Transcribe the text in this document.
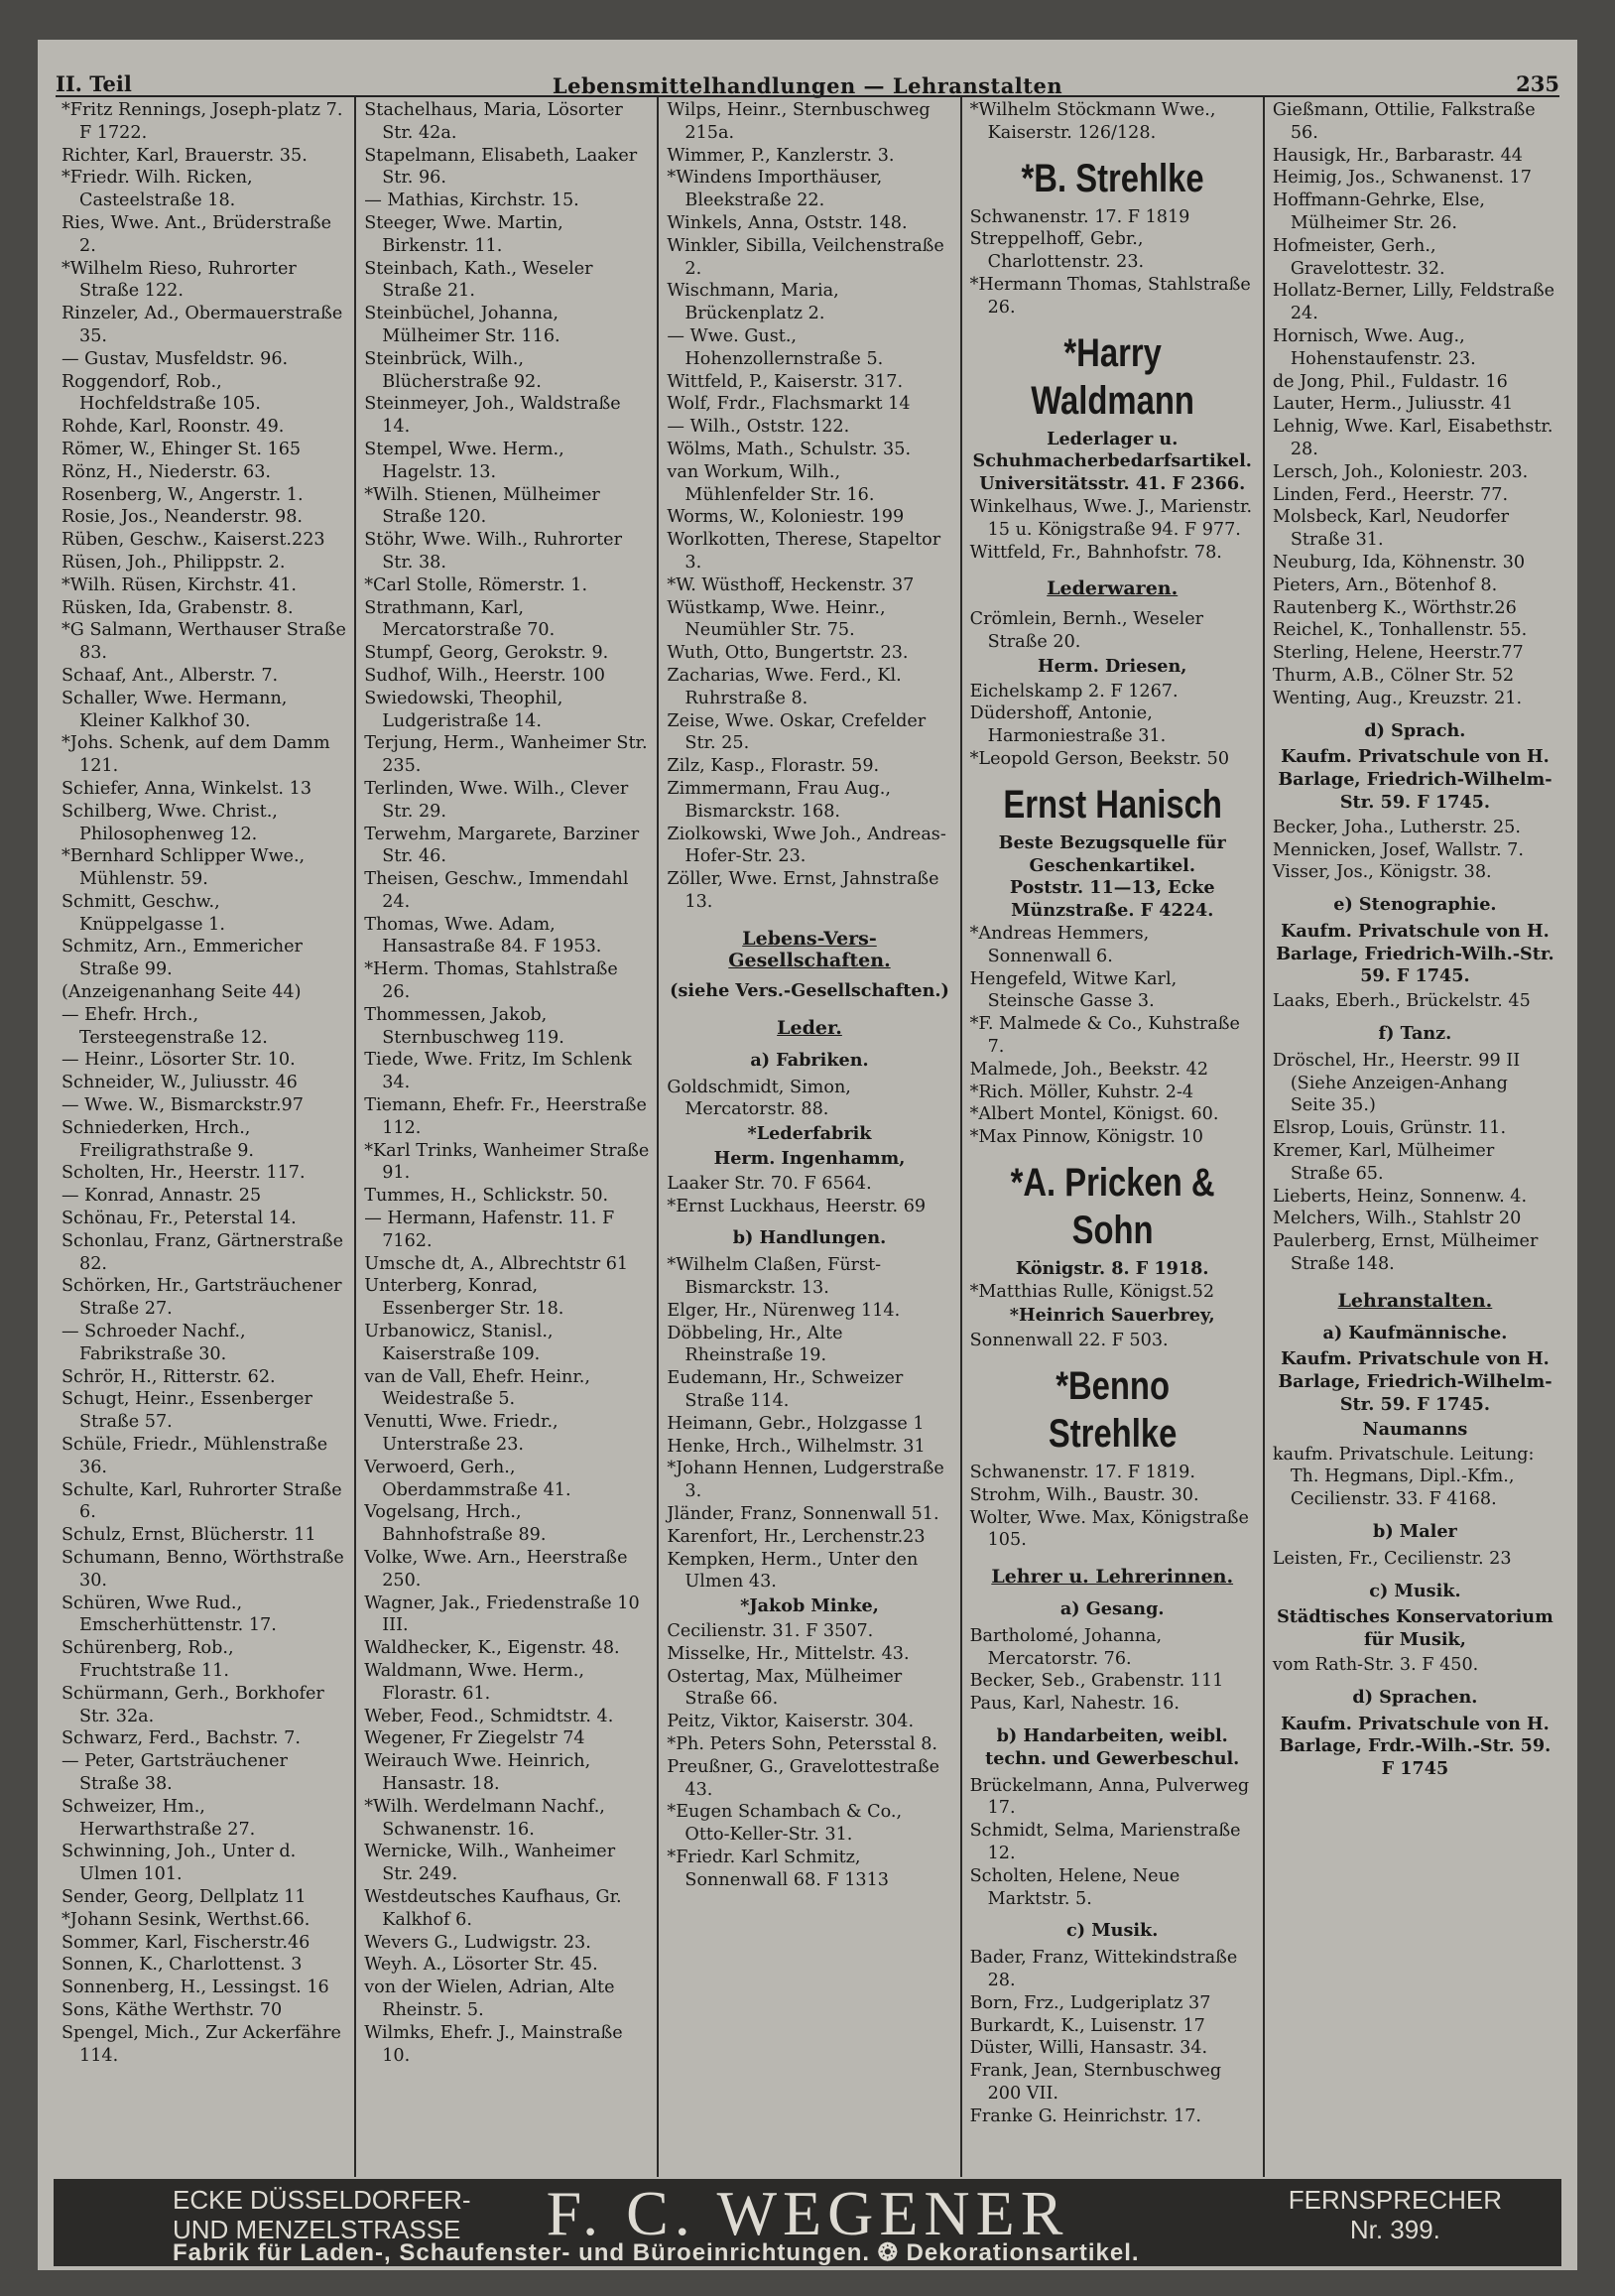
II. Teil	Lebensmittelhandlungen — Lehranstalten	235

*Fritz Rennings, Joseph-platz 7. F 1722.

Richter, Karl, Brauerstr. 35.

*Friedr. Wilh. Ricken, Casteelstraße 18.

Ries, Wwe. Ant., Brüderstraße 2.

*Wilhelm Rieso, Ruhrorter Straße 122.

Rinzeler, Ad., Obermauerstraße 35.

— Gustav, Musfeldstr. 96.

Roggendorf, Rob., Hochfeldstraße 105.

Rohde, Karl, Roonstr. 49.

Römer, W., Ehinger St. 165

Rönz, H., Niederstr. 63.

Rosenberg, W., Angerstr. 1.

Rosie, Jos., Neanderstr. 98.

Rüben, Geschw., Kaiserst.223

Rüsen, Joh., Philippstr. 2.

*Wilh. Rüsen, Kirchstr. 41.

Rüsken, Ida, Grabenstr. 8.

*G Salmann, Werthauser Straße 83.

Schaaf, Ant., Alberstr. 7.

Schaller, Wwe. Hermann, Kleiner Kalkhof 30.

*Johs. Schenk, auf dem Damm 121.

Schiefer, Anna, Winkelst. 13

Schilberg, Wwe. Christ., Philosophenweg 12.

*Bernhard Schlipper Wwe., Mühlenstr. 59.

Schmitt, Geschw., Knüppelgasse 1.

Schmitz, Arn., Emmericher Straße 99.

(Anzeigenanhang Seite 44)

— Ehefr. Hrch., Tersteegenstraße 12.

— Heinr., Lösorter Str. 10.

Schneider, W., Juliusstr. 46

— Wwe. W., Bismarckstr.97

Schniederken, Hrch., Freiligrathstraße 9.

Scholten, Hr., Heerstr. 117.

— Konrad, Annastr. 25

Schönau, Fr., Peterstal 14.

Schonlau, Franz, Gärtnerstraße 82.

Schörken, Hr., Gartsträuchener Straße 27.

— Schroeder Nachf., Fabrikstraße 30.

Schrör, H., Ritterstr. 62.

Schugt, Heinr., Essenberger Straße 57.

Schüle, Friedr., Mühlenstraße 36.

Schulte, Karl, Ruhrorter Straße 6.

Schulz, Ernst, Blücherstr. 11

Schumann, Benno, Wörthstraße 30.

Schüren, Wwe Rud., Emscherhüttenstr. 17.

Schürenberg, Rob., Fruchtstraße 11.

Schürmann, Gerh., Borkhofer Str. 32a.

Schwarz, Ferd., Bachstr. 7.

— Peter, Gartsträuchener Straße 38.

Schweizer, Hm., Herwarthstraße 27.

Schwinning, Joh., Unter d. Ulmen 101.

Sender, Georg, Dellplatz 11

*Johann Sesink, Werthst.66.

Sommer, Karl, Fischerstr.46

Sonnen, K., Charlottenst. 3

Sonnenberg, H., Lessingst. 16

Sons, Käthe Werthstr. 70

Spengel, Mich., Zur Ackerfähre 114.

Stachelhaus, Maria, Lösorter Str. 42a.

Stapelmann, Elisabeth, Laaker Str. 96.

— Mathias, Kirchstr. 15.

Steeger, Wwe. Martin, Birkenstr. 11.

Steinbach, Kath., Weseler Straße 21.

Steinbüchel, Johanna, Mülheimer Str. 116.

Steinbrück, Wilh., Blücherstraße 92.

Steinmeyer, Joh., Waldstraße 14.

Stempel, Wwe. Herm., Hagelstr. 13.

*Wilh. Stienen, Mülheimer Straße 120.

Stöhr, Wwe. Wilh., Ruhrorter Str. 38.

*Carl Stolle, Römerstr. 1.

Strathmann, Karl, Mercatorstraße 70.

Stumpf, Georg, Gerokstr. 9.

Sudhof, Wilh., Heerstr. 100

Swiedowski, Theophil, Ludgeristraße 14.

Terjung, Herm., Wanheimer Str. 235.

Terlinden, Wwe. Wilh., Clever Str. 29.

Terwehm, Margarete, Barziner Str. 46.

Theisen, Geschw., Immendahl 24.

Thomas, Wwe. Adam, Hansastraße 84. F 1953.

*Herm. Thomas, Stahlstraße 26.

Thommessen, Jakob, Sternbuschweg 119.

Tiede, Wwe. Fritz, Im Schlenk 34.

Tiemann, Ehefr. Fr., Heerstraße 112.

*Karl Trinks, Wanheimer Straße 91.

Tummes, H., Schlickstr. 50.

— Hermann, Hafenstr. 11. F 7162.

Umsche dt, A., Albrechtstr 61

Unterberg, Konrad, Essenberger Str. 18.

Urbanowicz, Stanisl., Kaiserstraße 109.

van de Vall, Ehefr. Heinr., Weidestraße 5.

Venutti, Wwe. Friedr., Unterstraße 23.

Verwoerd, Gerh., Oberdammstraße 41.

Vogelsang, Hrch., Bahnhofstraße 89.

Volke, Wwe. Arn., Heerstraße 250.

Wagner, Jak., Friedenstraße 10 III.

Waldhecker, K., Eigenstr. 48.

Waldmann, Wwe. Herm., Florastr. 61.

Weber, Feod., Schmidtstr. 4.

Wegener, Fr Ziegelstr 74

Weirauch Wwe. Heinrich, Hansastr. 18.

*Wilh. Werdelmann Nachf., Schwanenstr. 16.

Wernicke, Wilh., Wanheimer Str. 249.

Westdeutsches Kaufhaus, Gr. Kalkhof 6.

Wevers G., Ludwigstr. 23.

Weyh. A., Lösorter Str. 45.

von der Wielen, Adrian, Alte Rheinstr. 5.

Wilmks, Ehefr. J., Mainstraße 10.

Wilps, Heinr., Sternbuschweg 215a.

Wimmer, P., Kanzlerstr. 3.

*Windens Importhäuser, Bleekstraße 22.

Winkels, Anna, Oststr. 148.

Winkler, Sibilla, Veilchenstraße 2.

Wischmann, Maria, Brückenplatz 2.

— Wwe. Gust., Hohenzollernstraße 5.

Wittfeld, P., Kaiserstr. 317.

Wolf, Frdr., Flachsmarkt 14

— Wilh., Oststr. 122.

Wölms, Math., Schulstr. 35.

van Workum, Wilh., Mühlenfelder Str. 16.

Worms, W., Koloniestr. 199

Worlkotten, Therese, Stapeltor 3.

*W. Wüsthoff, Heckenstr. 37

Wüstkamp, Wwe. Heinr., Neumühler Str. 75.

Wuth, Otto, Bungertstr. 23.

Zacharias, Wwe. Ferd., Kl. Ruhrstraße 8.

Zeise, Wwe. Oskar, Crefelder Str. 25.

Zilz, Kasp., Florastr. 59.

Zimmermann, Frau Aug., Bismarckstr. 168.

Ziolkowski, Wwe Joh., Andreas-Hofer-Str. 23.

Zöller, Wwe. Ernst, Jahnstraße 13.

Lebens-Vers-Gesellschaften.

(siehe Vers.-Gesellschaften.)

Leder.

a) Fabriken.

Goldschmidt, Simon, Mercatorstr. 88.

*Lederfabrik

Herm. Ingenhamm,

Laaker Str. 70. F 6564.

*Ernst Luckhaus, Heerstr. 69

b) Handlungen.

*Wilhelm Claßen, Fürst-Bismarckstr. 13.

Elger, Hr., Nürenweg 114.

Döbbeling, Hr., Alte Rheinstraße 19.

Eudemann, Hr., Schweizer Straße 114.

Heimann, Gebr., Holzgasse 1

Henke, Hrch., Wilhelmstr. 31

*Johann Hennen, Ludgerstraße 3.

Jländer, Franz, Sonnenwall 51.

Karenfort, Hr., Lerchenstr.23

Kempken, Herm., Unter den Ulmen 43.

*Jakob Minke,

Cecilienstr. 31. F 3507.

Misselke, Hr., Mittelstr. 43.

Ostertag, Max, Mülheimer Straße 66.

Peitz, Viktor, Kaiserstr. 304.

*Ph. Peters Sohn, Petersstal 8.

Preußner, G., Gravelottestraße 43.

*Eugen Schambach & Co., Otto-Keller-Str. 31.

*Friedr. Karl Schmitz, Sonnenwall 68. F 1313

*Wilhelm Stöckmann Wwe., Kaiserstr. 126/128.

*B. Strehlke

Schwanenstr. 17. F 1819

Streppelhoff, Gebr., Charlottenstr. 23.

*Hermann Thomas, Stahlstraße 26.

*Harry Waldmann

Lederlager u. Schuhmacherbedarfsartikel.

Universitätsstr. 41. F 2366.

Winkelhaus, Wwe. J., Marienstr. 15 u. Königstraße 94. F 977.

Wittfeld, Fr., Bahnhofstr. 78.

Lederwaren.

Crömlein, Bernh., Weseler Straße 20.

Herm. Driesen,

Eichelskamp 2. F 1267.

Düdershoff, Antonie, Harmoniestraße 31.

*Leopold Gerson, Beekstr. 50

Ernst Hanisch

Beste Bezugsquelle für Geschenkartikel.

Poststr. 11—13, Ecke Münzstraße. F 4224.

*Andreas Hemmers, Sonnenwall 6.

Hengefeld, Witwe Karl, Steinsche Gasse 3.

*F. Malmede & Co., Kuhstraße 7.

Malmede, Joh., Beekstr. 42

*Rich. Möller, Kuhstr. 2-4

*Albert Montel, Königst. 60.

*Max Pinnow, Königstr. 10

*A. Pricken & Sohn

Königstr. 8. F 1918.

*Matthias Rulle, Königst.52

*Heinrich Sauerbrey,

Sonnenwall 22. F 503.

*Benno Strehlke

Schwanenstr. 17. F 1819.

Strohm, Wilh., Baustr. 30.

Wolter, Wwe. Max, Königstraße 105.

Lehrer u. Lehrerinnen.

a) Gesang.

Bartholomé, Johanna, Mercatorstr. 76.

Becker, Seb., Grabenstr. 111

Paus, Karl, Nahestr. 16.

b) Handarbeiten, weibl. techn. und Gewerbeschul.

Brückelmann, Anna, Pulverweg 17.

Schmidt, Selma, Marienstraße 12.

Scholten, Helene, Neue Marktstr. 5.

c) Musik.

Bader, Franz, Wittekindstraße 28.

Born, Frz., Ludgeriplatz 37

Burkardt, K., Luisenstr. 17

Düster, Willi, Hansastr. 34.

Frank, Jean, Sternbuschweg 200 VII.

Franke G. Heinrichstr. 17.

Gießmann, Ottilie, Falkstraße 56.

Hausigk, Hr., Barbarastr. 44

Heimig, Jos., Schwanenst. 17

Hoffmann-Gehrke, Else, Mülheimer Str. 26.

Hofmeister, Gerh., Gravelottestr. 32.

Hollatz-Berner, Lilly, Feldstraße 24.

Hornisch, Wwe. Aug., Hohenstaufenstr. 23.

de Jong, Phil., Fuldastr. 16

Lauter, Herm., Juliusstr. 41

Lehnig, Wwe. Karl, Eisabethstr. 28.

Lersch, Joh., Koloniestr. 203.

Linden, Ferd., Heerstr. 77.

Molsbeck, Karl, Neudorfer Straße 31.

Neuburg, Ida, Köhnenstr. 30

Pieters, Arn., Bötenhof 8.

Rautenberg K., Wörthstr.26

Reichel, K., Tonhallenstr. 55.

Sterling, Helene, Heerstr.77

Thurm, A.B., Cölner Str. 52

Wenting, Aug., Kreuzstr. 21.

d) Sprach.

Kaufm. Privatschule von H. Barlage, Friedrich-Wilhelm-Str. 59. F 1745.

Becker, Joha., Lutherstr. 25.

Mennicken, Josef, Wallstr. 7.

Visser, Jos., Königstr. 38.

e) Stenographie.

Kaufm. Privatschule von H. Barlage, Friedrich-Wilh.-Str. 59. F 1745.

Laaks, Eberh., Brückelstr. 45

f) Tanz.

Dröschel, Hr., Heerstr. 99 II (Siehe Anzeigen-Anhang Seite 35.)

Elsrop, Louis, Grünstr. 11.

Kremer, Karl, Mülheimer Straße 65.

Lieberts, Heinz, Sonnenw. 4.

Melchers, Wilh., Stahlstr 20

Paulerberg, Ernst, Mülheimer Straße 148.

Lehranstalten.

a) Kaufmännische.

Kaufm. Privatschule von H. Barlage, Friedrich-Wilhelm-Str. 59. F 1745.

Naumanns

kaufm. Privatschule. Leitung: Th. Hegmans, Dipl.-Kfm., Cecilienstr. 33. F 4168.

b) Maler

Leisten, Fr., Cecilienstr. 23

c) Musik.

Städtisches Konservatorium für Musik,

vom Rath-Str. 3. F 450.

d) Sprachen.

Kaufm. Privatschule von H. Barlage, Frdr.-Wilh.-Str. 59. F 1745

ECKE DÜSSELDORFER-
UND MENZELSTRASSE	F. C. WEGENER	FERNSPRECHER
Nr. 399.
Fabrik für Laden-, Schaufenster- und Büroeinrichtungen. ❂ Dekorationsartikel.
